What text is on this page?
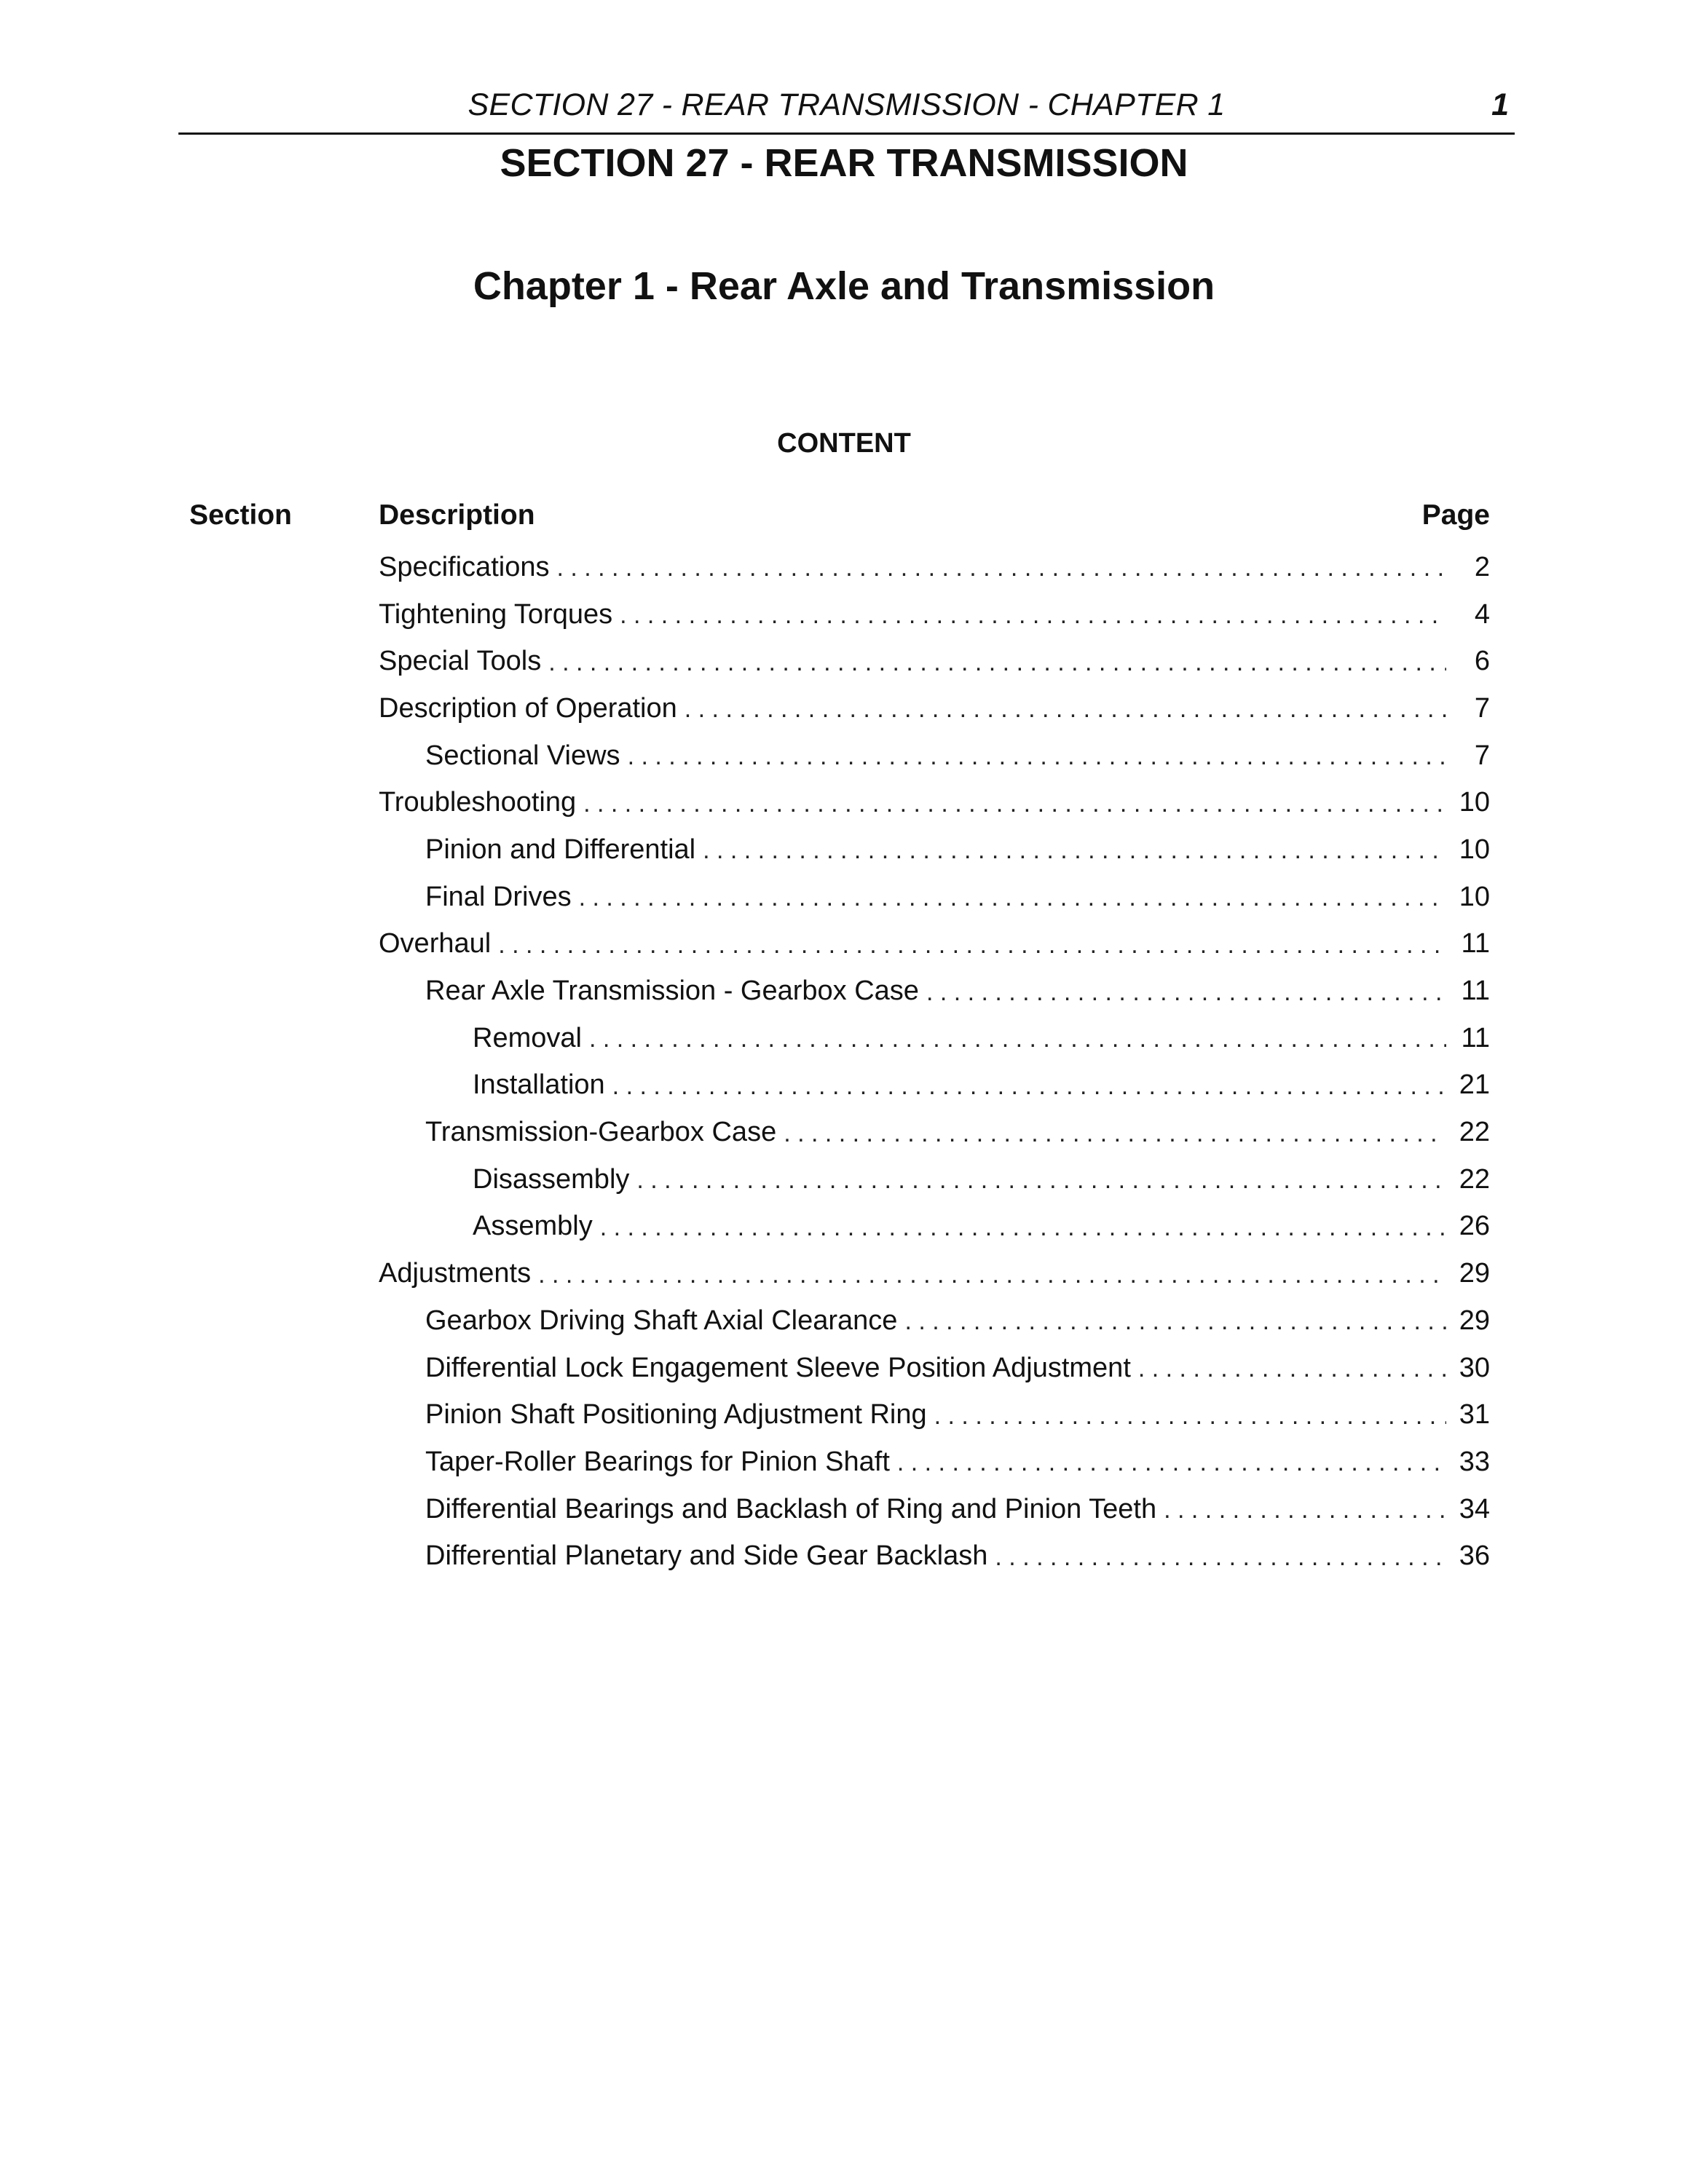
SECTION 27 - REAR TRANSMISSION - CHAPTER 1	1
SECTION 27 - REAR TRANSMISSION
Chapter 1 - Rear Axle and Transmission
CONTENT
Section	Description	Page
Specifications . . .	2
Tightening Torques . . .	4
Special Tools . . .	6
Description of Operation . . .	7
Sectional Views . . .	7
Troubleshooting . . .	10
Pinion and Differential . . .	10
Final Drives . . .	10
Overhaul . . .	11
Rear Axle Transmission - Gearbox Case . . .	11
Removal . . .	11
Installation . . .	21
Transmission-Gearbox Case . . .	22
Disassembly . . .	22
Assembly . . .	26
Adjustments . . .	29
Gearbox Driving Shaft Axial Clearance . . .	29
Differential Lock Engagement Sleeve Position Adjustment . . .	30
Pinion Shaft Positioning Adjustment Ring . . .	31
Taper-Roller Bearings for Pinion Shaft . . .	33
Differential Bearings and Backlash of Ring and Pinion Teeth . . .	34
Differential Planetary and Side Gear Backlash . . .	36
